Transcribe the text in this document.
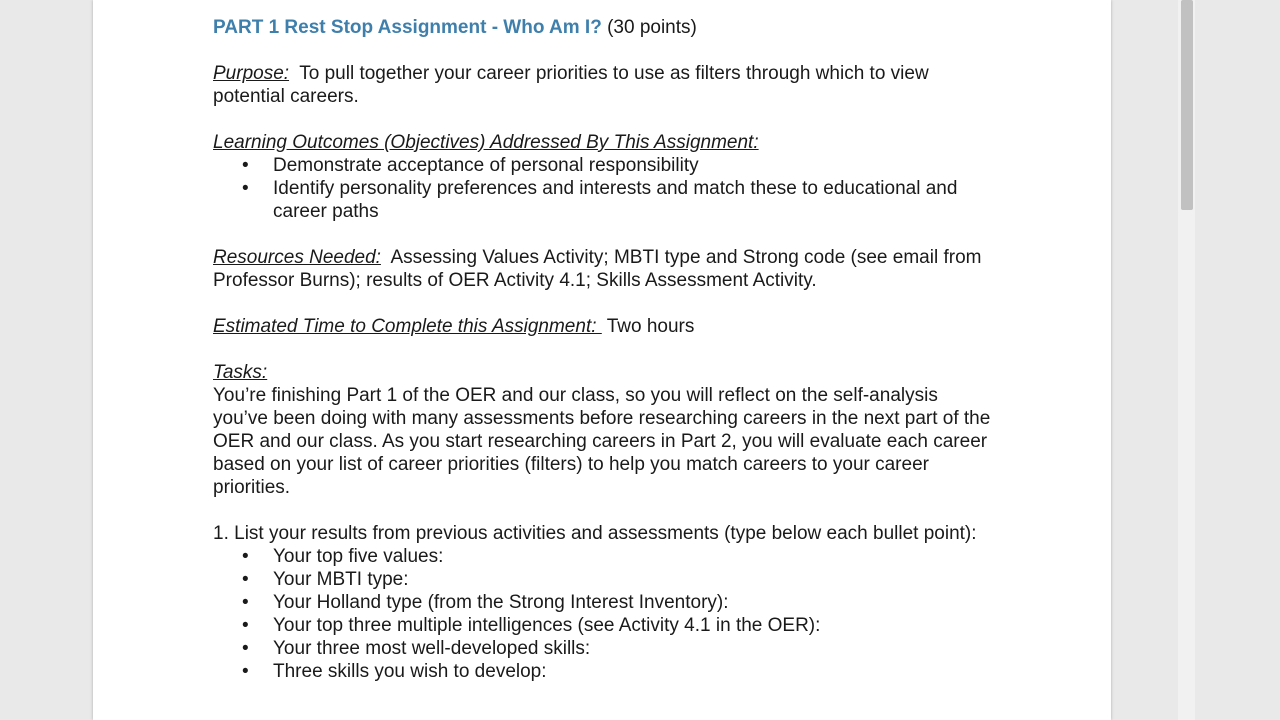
PART 1 Rest Stop Assignment - Who Am I? (30 points)

Purpose:  To pull together your career priorities to use as filters through which to view potential careers.

Learning Outcomes (Objectives) Addressed By This Assignment:

• Demonstrate acceptance of personal responsibility
• Identify personality preferences and interests and match these to educational and career paths

Resources Needed:  Assessing Values Activity; MBTI type and Strong code (see email from Professor Burns); results of OER Activity 4.1; Skills Assessment Activity.

Estimated Time to Complete this Assignment:  Two hours

Tasks:

You’re finishing Part 1 of the OER and our class, so you will reflect on the self-analysis you’ve been doing with many assessments before researching careers in the next part of the OER and our class. As you start researching careers in Part 2, you will evaluate each career based on your list of career priorities (filters) to help you match careers to your career priorities.

1. List your results from previous activities and assessments (type below each bullet point):

• Your top five values:
• Your MBTI type:
• Your Holland type (from the Strong Interest Inventory):
• Your top three multiple intelligences (see Activity 4.1 in the OER):
• Your three most well-developed skills:
• Three skills you wish to develop:
